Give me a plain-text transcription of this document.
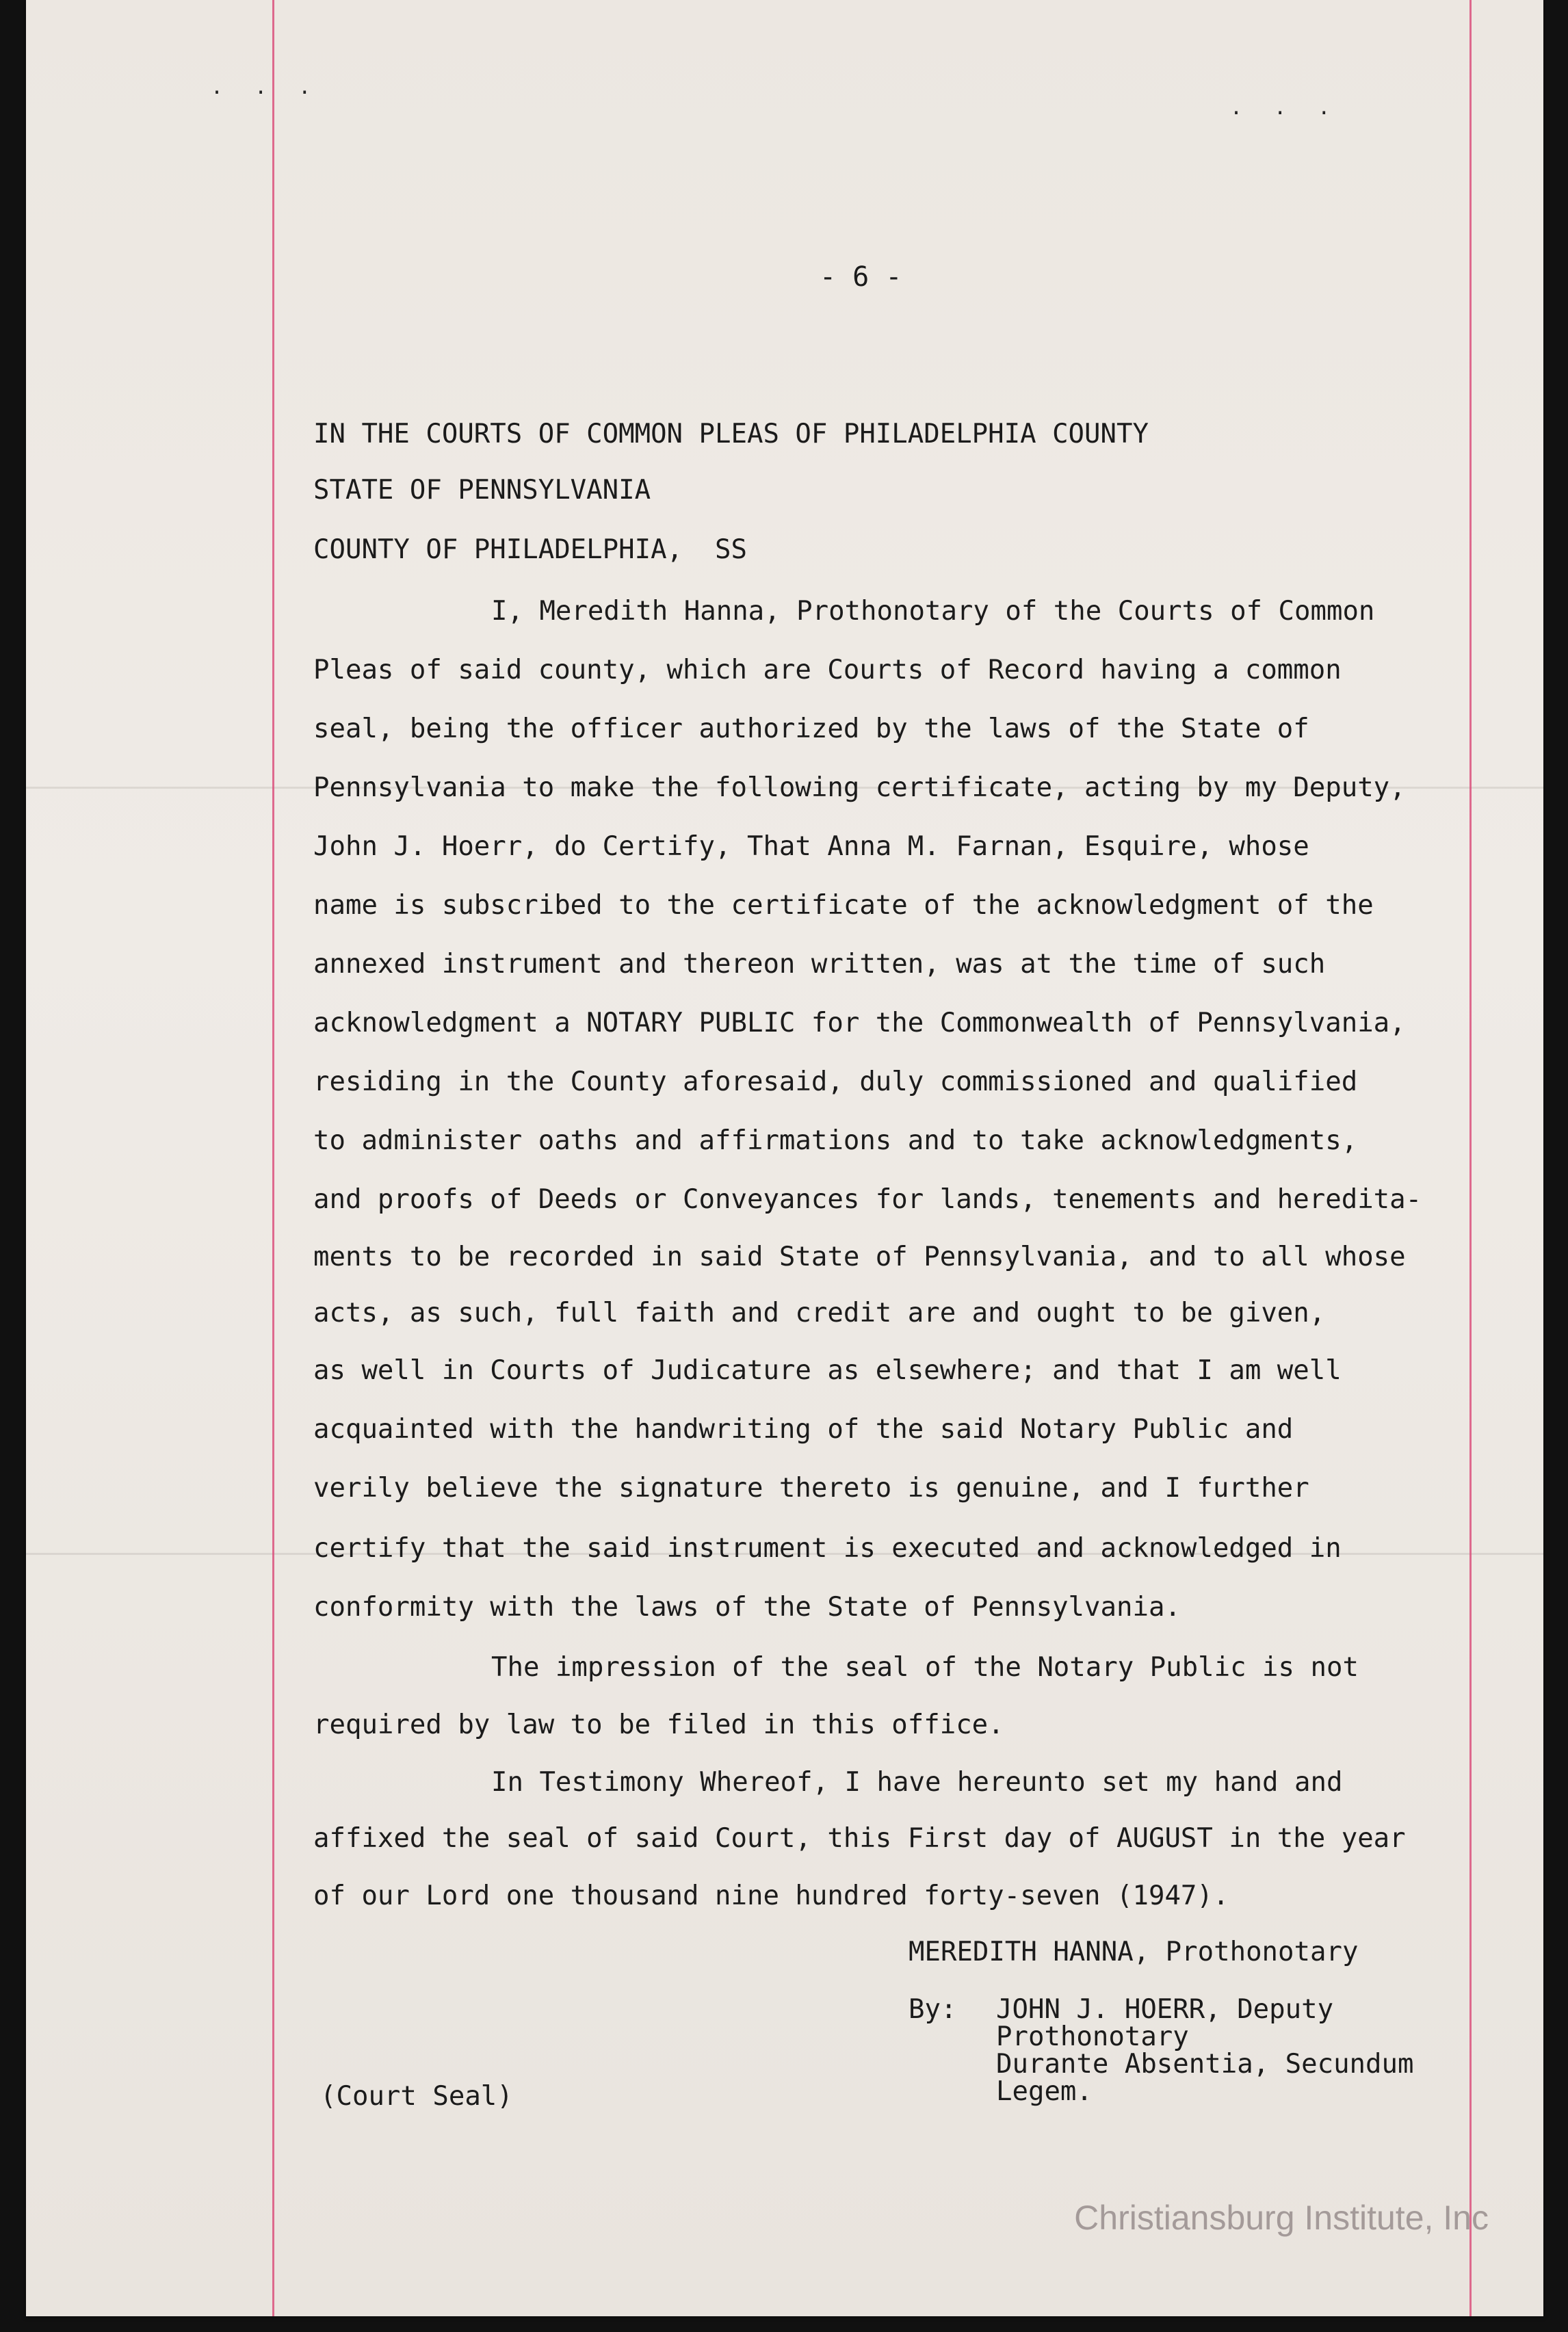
. . .
. . .
- 6 -
IN THE COURTS OF COMMON PLEAS OF PHILADELPHIA COUNTY
STATE OF PENNSYLVANIA
COUNTY OF PHILADELPHIA,  SS
I, Meredith Hanna, Prothonotary of the Courts of Common
Pleas of said county, which are Courts of Record having a common
seal, being the officer authorized by the laws of the State of
Pennsylvania to make the following certificate, acting by my Deputy,
John J. Hoerr, do Certify, That Anna M. Farnan, Esquire, whose
name is subscribed to the certificate of the acknowledgment of the
annexed instrument and thereon written, was at the time of such
acknowledgment a NOTARY PUBLIC for the Commonwealth of Pennsylvania,
residing in the County aforesaid, duly commissioned and qualified
to administer oaths and affirmations and to take acknowledgments,
and proofs of Deeds or Conveyances for lands, tenements and heredita-
ments to be recorded in said State of Pennsylvania, and to all whose
acts, as such, full faith and credit are and ought to be given,
as well in Courts of Judicature as elsewhere; and that I am well
acquainted with the handwriting of the said Notary Public and
verily believe the signature thereto is genuine, and I further
certify that the said instrument is executed and acknowledged in
conformity with the laws of the State of Pennsylvania.
The impression of the seal of the Notary Public is not
required by law to be filed in this office.
In Testimony Whereof, I have hereunto set my hand and
affixed the seal of said Court, this First day of AUGUST in the year
of our Lord one thousand nine hundred forty-seven (1947).
MEREDITH HANNA, Prothonotary
By: JOHN J. HOERR, Deputy
Prothonotary
Durante Absentia, Secundum
Legem.
(Court Seal)
Christiansburg Institute, Inc
